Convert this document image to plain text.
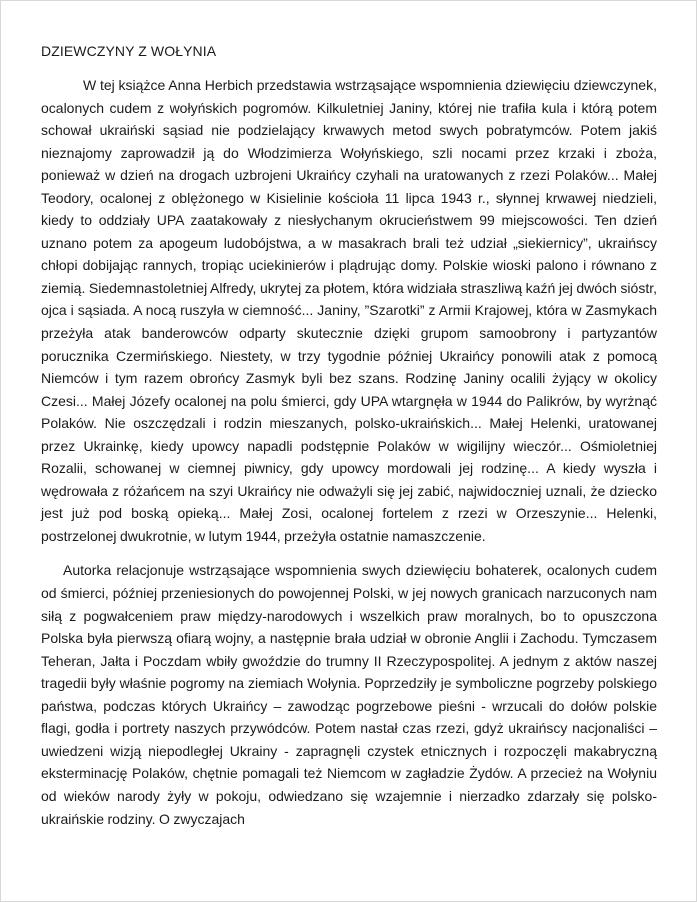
DZIEWCZYNY Z WOŁYNIA

W tej książce Anna Herbich przedstawia wstrząsające wspomnienia dziewięciu dziewczynek, ocalonych cudem z wołyńskich pogromów. Kilkuletniej Janiny, której nie trafiła kula i którą potem schował ukraiński sąsiad nie podzielający krwawych metod swych pobratymców. Potem jakiś nieznajomy zaprowadził ją do Włodzimierza Wołyńskiego, szli nocami przez krzaki i zboża, ponieważ w dzień na drogach uzbrojeni Ukraińcy czyhali na uratowanych z rzezi Polaków... Małej Teodory, ocalonej z oblężonego w Kisielinie kościoła 11 lipca 1943 r., słynnej krwawej niedzieli, kiedy to oddziały UPA zaatakowały z niesłychanym okrucieństwem 99 miejscowości. Ten dzień uznano potem za apogeum ludobójstwa, a w masakrach brali też udział „siekiernicy”, ukraińscy chłopi dobijając rannych, tropiąc uciekinierów i plądrując domy. Polskie wioski palono i równano z ziemią. Siedemnastoletniej Alfredy, ukrytej za płotem, która widziała straszliwą kaźń jej dwóch sióstr, ojca i sąsiada. A nocą ruszyła w ciemność... Janiny, ”Szarotki” z Armii Krajowej, która w Zasmykach przeżyła atak banderowców odparty skutecznie dzięki grupom samoobrony i partyzantów porucznika Czermińskiego. Niestety, w trzy tygodnie później Ukraińcy ponowili atak z pomocą Niemców i tym razem obrońcy Zasmyk byli bez szans. Rodzinę Janiny ocalili żyjący w okolicy Czesi... Małej Józefy ocalonej na polu śmierci, gdy UPA wtargnęła w 1944 do Palikrów, by wyrżnąć Polaków. Nie oszczędzali i rodzin mieszanych, polsko-ukraińskich... Małej Helenki, uratowanej przez Ukrainkę, kiedy upowcy napadli podstępnie Polaków w wigilijny wieczór... Ośmioletniej Rozalii, schowanej w ciemnej piwnicy, gdy upowcy mordowali jej rodzinę... A kiedy wyszła i wędrowała z różańcem na szyi Ukraińcy nie odważyli się jej zabić, najwidoczniej uznali, że dziecko jest już pod boską opieką... Małej Zosi, ocalonej fortelem z rzezi w Orzeszynie... Helenki, postrzelonej dwukrotnie, w lutym 1944, przeżyła ostatnie namaszczenie.

Autorka relacjonuje wstrząsające wspomnienia swych dziewięciu bohaterek, ocalonych cudem od śmierci, później przeniesionych do powojennej Polski, w jej nowych granicach narzuconych nam siłą z pogwałceniem praw między-narodowych i wszelkich praw moralnych, bo to opuszczona Polska była pierwszą ofiarą wojny, a następnie brała udział w obronie Anglii i Zachodu. Tymczasem Teheran, Jałta i Poczdam wbiły gwoździe do trumny II Rzeczypospolitej. A jednym z aktów naszej tragedii były właśnie pogromy na ziemiach Wołynia. Poprzedziły je symboliczne pogrzeby polskiego państwa, podczas których Ukraińcy – zawodząc pogrzebowe pieśni - wrzucali do dołów polskie flagi, godła i portrety naszych przywódców. Potem nastał czas rzezi, gdyż ukraińscy nacjonaliści – uwiedzeni wizją niepodległej Ukrainy - zapragnęli czystek etnicznych i rozpoczęli makabryczną eksterminację Polaków, chętnie pomagali też Niemcom w zagładzie Żydów. A przecież na Wołyniu od wieków narody żyły w pokoju, odwiedzano się wzajemnie i nierzadko zdarzały się polsko-ukraińskie rodziny. O zwyczajach
